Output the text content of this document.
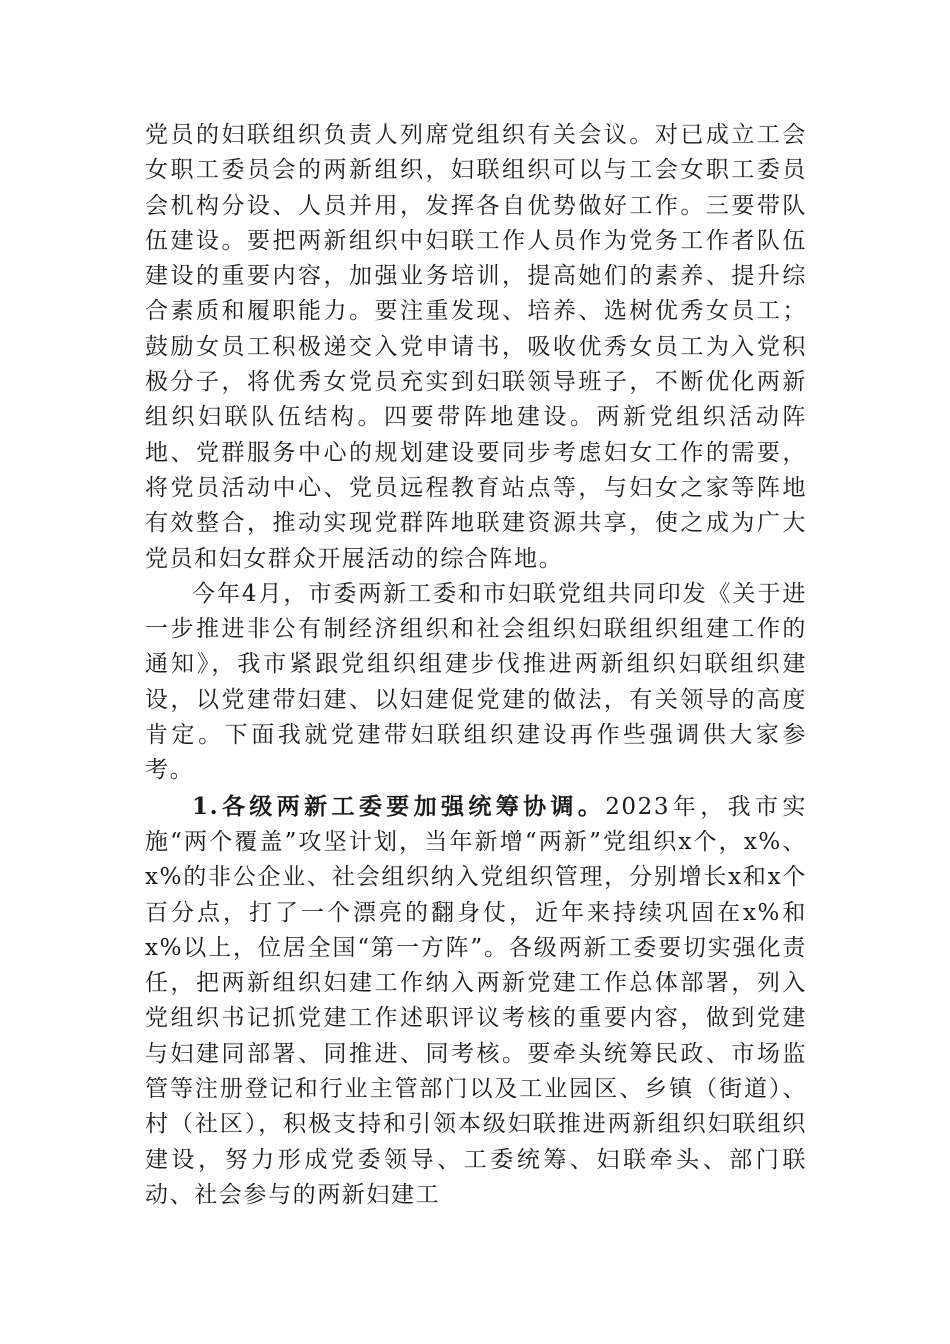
党员的妇联组织负责人列席党组织有关会议。对已成立工会女职工委员会的两新组织，妇联组织可以与工会女职工委员会机构分设、人员并用，发挥各自优势做好工作。三要带队伍建设。要把两新组织中妇联工作人员作为党务工作者队伍建设的重要内容，加强业务培训，提高她们的素养、提升综合素质和履职能力。要注重发现、培养、选树优秀女员工；鼓励女员工积极递交入党申请书，吸收优秀女员工为入党积极分子，将优秀女党员充实到妇联领导班子，不断优化两新组织妇联队伍结构。四要带阵地建设。两新党组织活动阵地、党群服务中心的规划建设要同步考虑妇女工作的需要，将党员活动中心、党员远程教育站点等，与妇女之家等阵地有效整合，推动实现党群阵地联建资源共享，使之成为广大党员和妇女群众开展活动的综合阵地。

今年4月，市委两新工委和市妇联党组共同印发《关于进一步推进非公有制经济组织和社会组织妇联组织组建工作的通知》，我市紧跟党组织组建步伐推进两新组织妇联组织建设，以党建带妇建、以妇建促党建的做法，有关领导的高度肯定。下面我就党建带妇联组织建设再作些强调供大家参考。

1.各级两新工委要加强统筹协调。2023年，我市实施“两个覆盖”攻坚计划，当年新增“两新”党组织x个，x%、x%的非公企业、社会组织纳入党组织管理，分别增长x和x个百分点，打了一个漂亮的翻身仗，近年来持续巩固在x%和x%以上，位居全国“第一方阵”。各级两新工委要切实强化责任，把两新组织妇建工作纳入两新党建工作总体部署，列入党组织书记抓党建工作述职评议考核的重要内容，做到党建与妇建同部署、同推进、同考核。要牵头统筹民政、市场监管等注册登记和行业主管部门以及工业园区、乡镇（街道）、村（社区），积极支持和引领本级妇联推进两新组织妇联组织建设，努力形成党委领导、工委统筹、妇联牵头、部门联动、社会参与的两新妇建工
